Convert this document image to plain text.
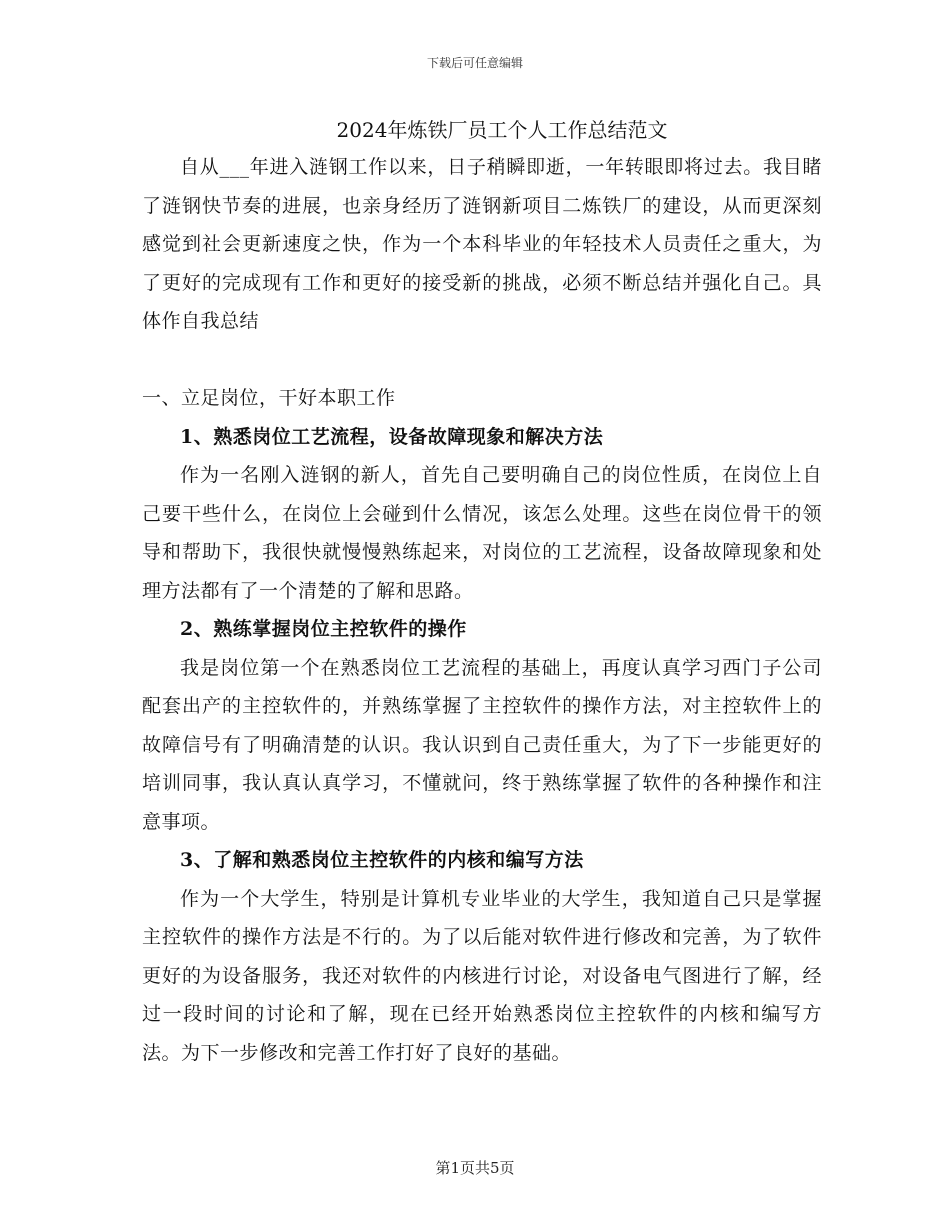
下载后可任意编辑
2024年炼铁厂员工个人工作总结范文

自从___年进入涟钢工作以来，日子稍瞬即逝，一年转眼即将过去。我目睹了涟钢快节奏的进展，也亲身经历了涟钢新项目二炼铁厂的建设，从而更深刻感觉到社会更新速度之快，作为一个本科毕业的年轻技术人员责任之重大，为了更好的完成现有工作和更好的接受新的挑战，必须不断总结并强化自己。具体作自我总结

一、立足岗位，干好本职工作

1、熟悉岗位工艺流程，设备故障现象和解决方法

作为一名刚入涟钢的新人，首先自己要明确自己的岗位性质，在岗位上自己要干些什么，在岗位上会碰到什么情况，该怎么处理。这些在岗位骨干的领导和帮助下，我很快就慢慢熟练起来，对岗位的工艺流程，设备故障现象和处理方法都有了一个清楚的了解和思路。

2、熟练掌握岗位主控软件的操作

我是岗位第一个在熟悉岗位工艺流程的基础上，再度认真学习西门子公司配套出产的主控软件的，并熟练掌握了主控软件的操作方法，对主控软件上的故障信号有了明确清楚的认识。我认识到自己责任重大，为了下一步能更好的培训同事，我认真认真学习，不懂就问，终于熟练掌握了软件的各种操作和注意事项。

3、了解和熟悉岗位主控软件的内核和编写方法

作为一个大学生，特别是计算机专业毕业的大学生，我知道自己只是掌握主控软件的操作方法是不行的。为了以后能对软件进行修改和完善，为了软件更好的为设备服务，我还对软件的内核进行讨论，对设备电气图进行了解，经过一段时间的讨论和了解，现在已经开始熟悉岗位主控软件的内核和编写方法。为下一步修改和完善工作打好了良好的基础。

第1页共5页
